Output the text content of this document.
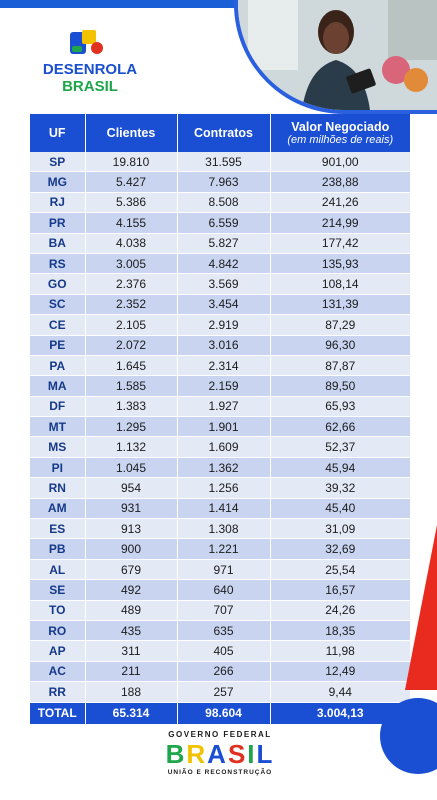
DESENROLA
BRASIL
UF	Clientes	Contratos	Valor Negociado
(em milhões de reais)

SP	19.810	31.595	901,00
MG	5.427	7.963	238,88
RJ	5.386	8.508	241,26
PR	4.155	6.559	214,99
BA	4.038	5.827	177,42
RS	3.005	4.842	135,93
GO	2.376	3.569	108,14
SC	2.352	3.454	131,39
CE	2.105	2.919	87,29
PE	2.072	3.016	96,30
PA	1.645	2.314	87,87
MA	1.585	2.159	89,50
DF	1.383	1.927	65,93
MT	1.295	1.901	62,66
MS	1.132	1.609	52,37
PI	1.045	1.362	45,94
RN	954	1.256	39,32
AM	931	1.414	45,40
ES	913	1.308	31,09
PB	900	1.221	32,69
AL	679	971	25,54
SE	492	640	16,57
TO	489	707	24,26
RO	435	635	18,35
AP	311	405	11,98
AC	211	266	12,49
RR	188	257	9,44
TOTAL	65.314	98.604	3.004,13
GOVERNO FEDERAL
BRASIL
UNIÃO E RECONSTRUÇÃO
